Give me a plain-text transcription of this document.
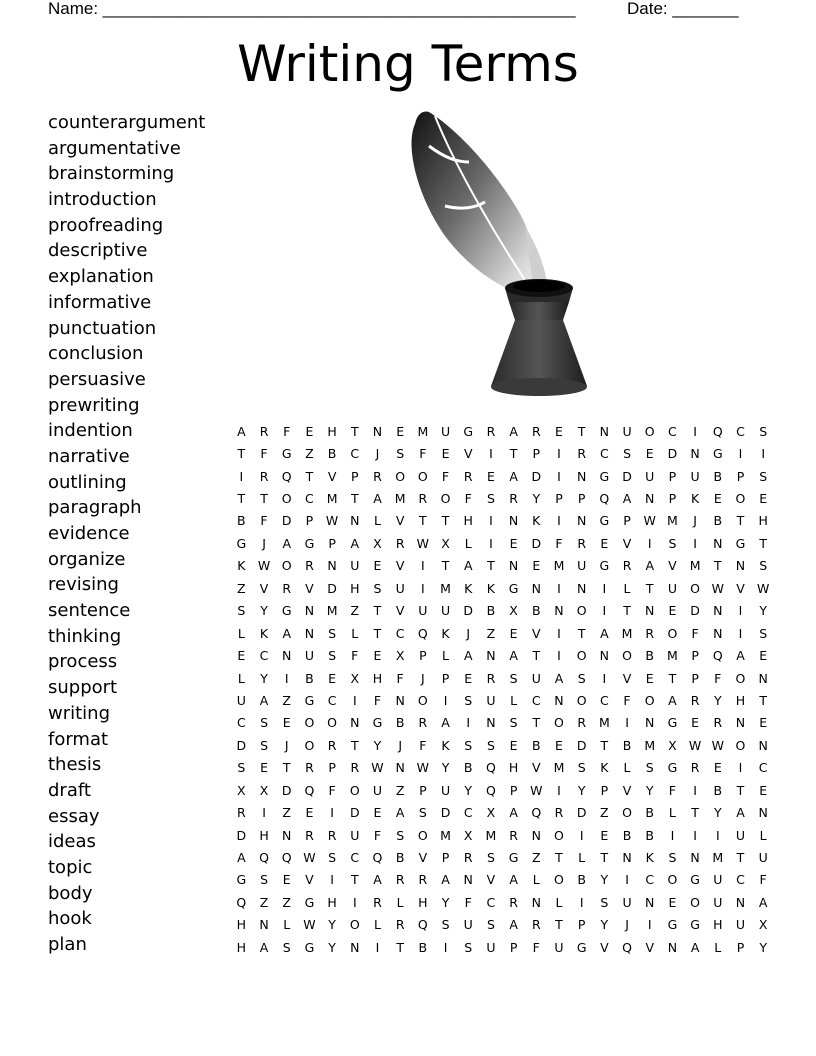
Name: __________________________________________________	Date: _______
Writing Terms
counterargument
argumentative
brainstorming
introduction
proofreading
descriptive
explanation
informative
punctuation
conclusion
persuasive
prewriting
indention
narrative
outlining
paragraph
evidence
organize
revising
sentence
thinking
process
support
writing
format
thesis
draft
essay
ideas
topic
body
hook
plan
A	R	F	E	H	T	N	E	M	U	G	R	A	R	E	T	N	U	O	C	I	Q	C	S
T	F	G	Z	B	C	J	S	F	E	V	I	T	P	I	R	C	S	E	D	N	G	I	I
I	R	Q	T	V	P	R	O	O	F	R	E	A	D	I	N	G	D	U	P	U	B	P	S
T	T	O	C	M	T	A	M	R	O	F	S	R	Y	P	P	Q	A	N	P	K	E	O	E
B	F	D	P	W	N	L	V	T	T	H	I	N	K	I	N	G	P	W	M	J	B	T	H
G	J	A	G	P	A	X	R	W	X	L	I	E	D	F	R	E	V	I	S	I	N	G	T
K	W	O	R	N	U	E	V	I	T	A	T	N	E	M	U	G	R	A	V	M	T	N	S
Z	V	R	V	D	H	S	U	I	M	K	K	G	N	I	N	I	L	T	U	O	W	V	W
S	Y	G	N	M	Z	T	V	U	U	D	B	X	B	N	O	I	T	N	E	D	N	I	Y
L	K	A	N	S	L	T	C	Q	K	J	Z	E	V	I	T	A	M	R	O	F	N	I	S
E	C	N	U	S	F	E	X	P	L	A	N	A	T	I	O	N	O	B	M	P	Q	A	E
L	Y	I	B	E	X	H	F	J	P	E	R	S	U	A	S	I	V	E	T	P	F	O	N
U	A	Z	G	C	I	F	N	O	I	S	U	L	C	N	O	C	F	O	A	R	Y	H	T
C	S	E	O	O	N	G	B	R	A	I	N	S	T	O	R	M	I	N	G	E	R	N	E
D	S	J	O	R	T	Y	J	F	K	S	S	E	B	E	D	T	B	M	X	W	W	O	N
S	E	T	R	P	R	W	N	W	Y	B	Q	H	V	M	S	K	L	S	G	R	E	I	C
X	X	D	Q	F	O	U	Z	P	U	Y	Q	P	W	I	Y	P	V	Y	F	I	B	T	E
R	I	Z	E	I	D	E	A	S	D	C	X	A	Q	R	D	Z	O	B	L	T	Y	A	N
D	H	N	R	R	U	F	S	O	M	X	M	R	N	O	I	E	B	B	I	I	I	U	L
A	Q	Q	W	S	C	Q	B	V	P	R	S	G	Z	T	L	T	N	K	S	N	M	T	U
G	S	E	V	I	T	A	R	R	A	N	V	A	L	O	B	Y	I	C	O	G	U	C	F
Q	Z	Z	G	H	I	R	L	H	Y	F	C	R	N	L	I	S	U	N	E	O	U	N	A
H	N	L	W	Y	O	L	R	Q	S	U	S	A	R	T	P	Y	J	I	G	G	H	U	X
H	A	S	G	Y	N	I	T	B	I	S	U	P	F	U	G	V	Q	V	N	A	L	P	Y
